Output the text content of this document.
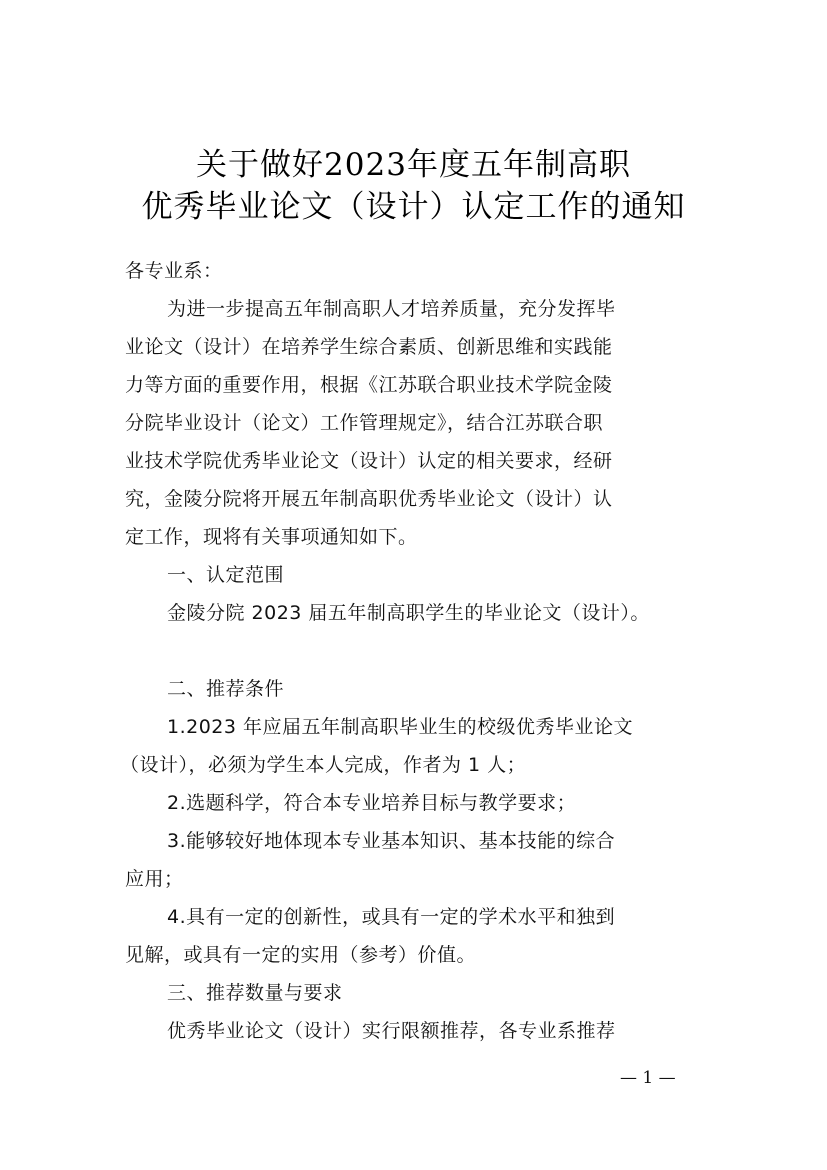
关于做好2023年度五年制高职
优秀毕业论文（设计）认定工作的通知
各专业系：
为进一步提高五年制高职人才培养质量，充分发挥毕
业论文（设计）在培养学生综合素质、创新思维和实践能
力等方面的重要作用，根据《江苏联合职业技术学院金陵
分院毕业设计（论文）工作管理规定》，结合江苏联合职
业技术学院优秀毕业论文（设计）认定的相关要求，经研
究，金陵分院将开展五年制高职优秀毕业论文（设计）认
定工作，现将有关事项通知如下。
一、认定范围
金陵分院 2023 届五年制高职学生的毕业论文（设计）。
二、推荐条件
1.2023 年应届五年制高职毕业生的校级优秀毕业论文
（设计），必须为学生本人完成，作者为 1 人；
2.选题科学，符合本专业培养目标与教学要求；
3.能够较好地体现本专业基本知识、基本技能的综合
应用；
4.具有一定的创新性，或具有一定的学术水平和独到
见解，或具有一定的实用（参考）价值。
三、推荐数量与要求
优秀毕业论文（设计）实行限额推荐，各专业系推荐
— 1 —
